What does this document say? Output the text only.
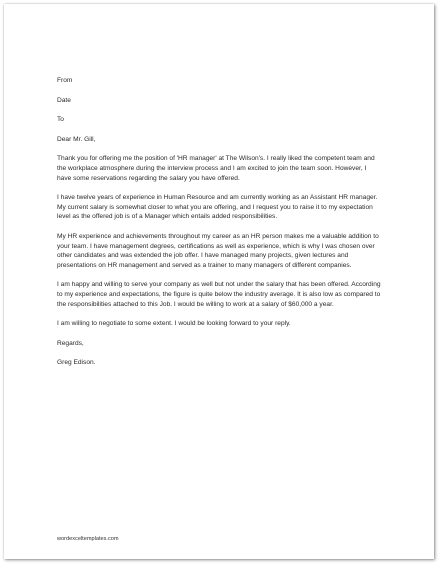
From

Date

To

Dear Mr. Gill,

Thank you for offering me the position of 'HR manager' at The Wilson's. I really liked the competent team and the workplace atmosphere during the interview process and I am excited to join the team soon. However, I have some reservations regarding the salary you have offered.

I have twelve years of experience in Human Resource and am currently working as an Assistant HR manager. My current salary is somewhat closer to what you are offering, and I request you to raise it to my expectation level as the offered job is of a Manager which entails added responsibilities.

My HR experience and achievements throughout my career as an HR person makes me a valuable addition to your team. I have management degrees, certifications as well as experience, which is why I was chosen over other candidates and was extended the job offer. I have managed many projects, given lectures and presentations on HR management and served as a trainer to many managers of different companies.

I am happy and willing to serve your company as well but not under the salary that has been offered. According to my experience and expectations, the figure is quite below the industry average. It is also low as compared to the responsibilities attached to this Job. I would be willing to work at a salary of $60,000 a year.

I am willing to negotiate to some extent. I would be looking forward to your reply.

Regards,

Greg Edison.

wordexceltemplates.com
